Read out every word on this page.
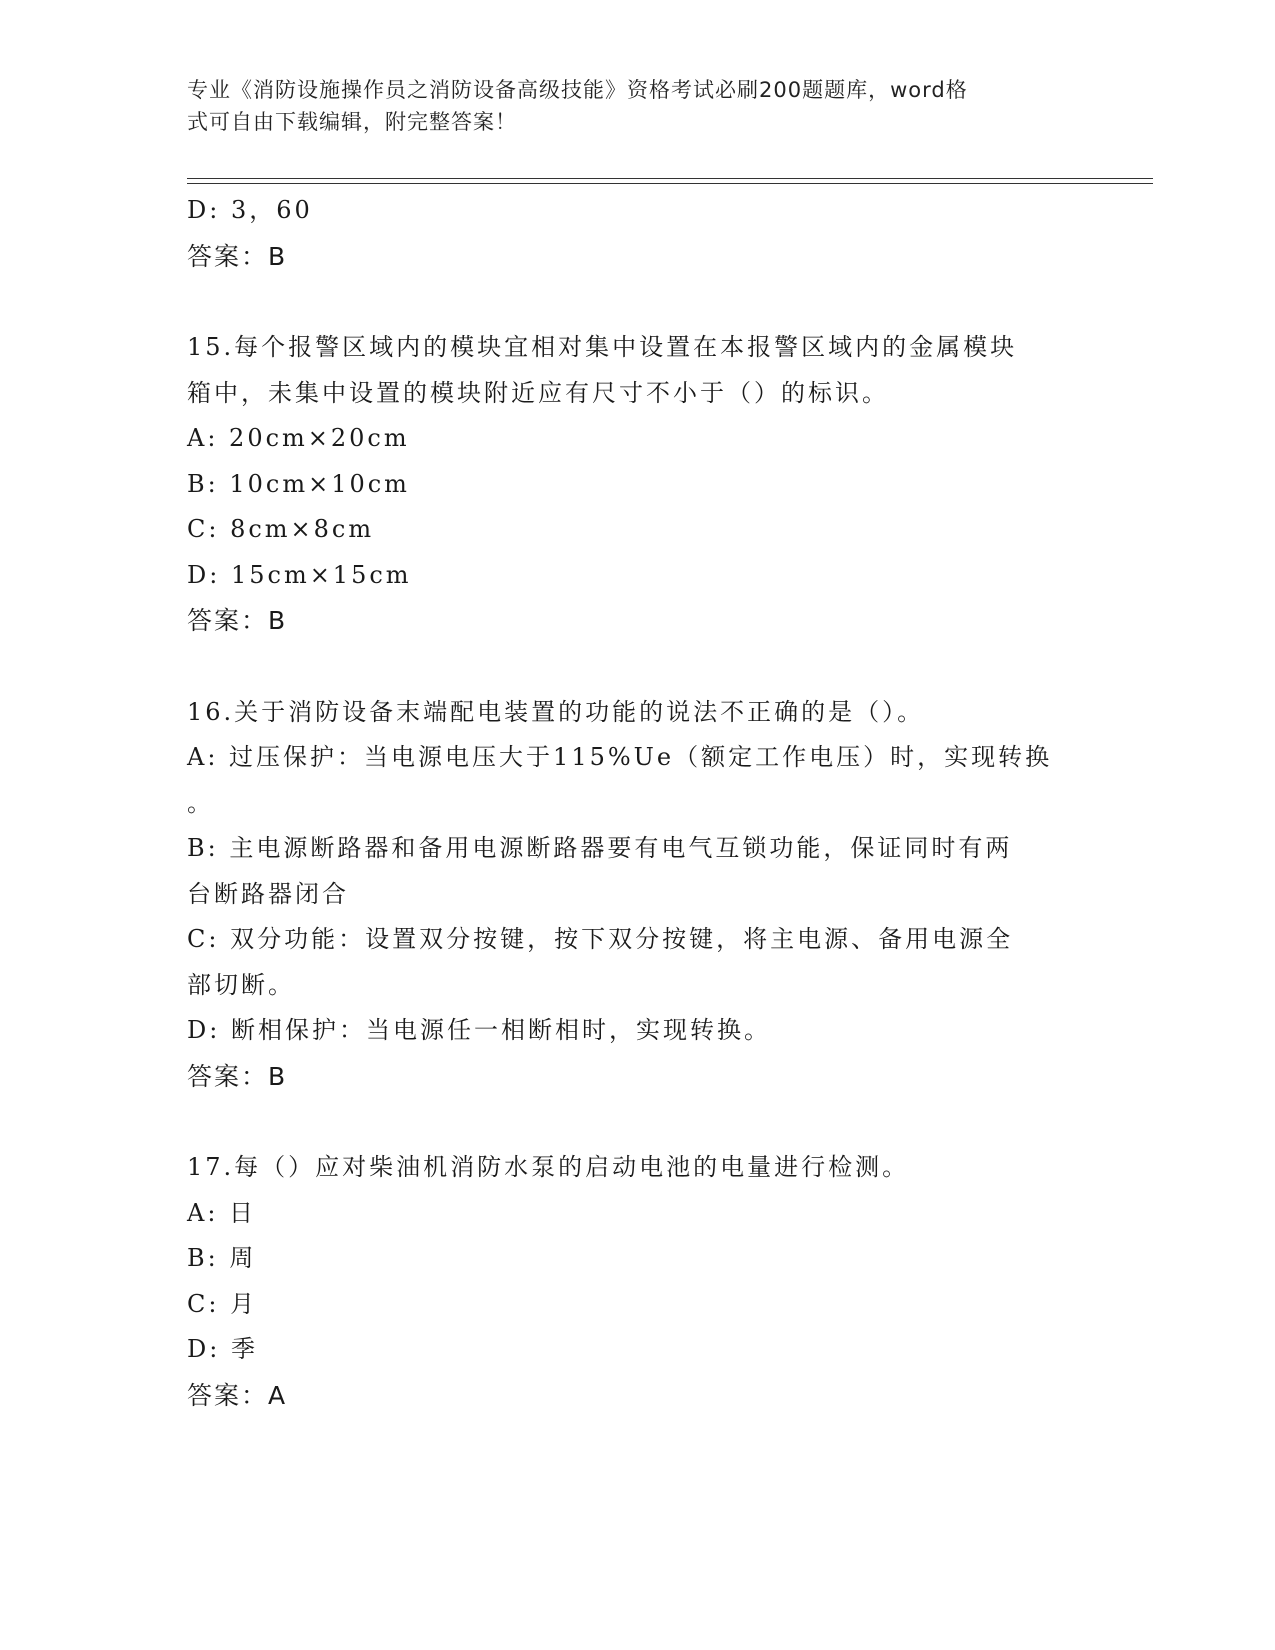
专业《消防设施操作员之消防设备高级技能》资格考试必刷200题题库，word格
式可自由下载编辑，附完整答案！
D: 3，60
答案：B
15.每个报警区域内的模块宜相对集中设置在本报警区域内的金属模块
箱中，未集中设置的模块附近应有尺寸不小于（）的标识。
A: 20cm×20cm
B: 10cm×10cm
C: 8cm×8cm
D: 15cm×15cm
答案：B
16.关于消防设备末端配电装置的功能的说法不正确的是（）。
A: 过压保护：当电源电压大于115%Ue（额定工作电压）时，实现转换
。
B: 主电源断路器和备用电源断路器要有电气互锁功能，保证同时有两
台断路器闭合
C: 双分功能：设置双分按键，按下双分按键，将主电源、备用电源全
部切断。
D: 断相保护：当电源任一相断相时，实现转换。
答案：B
17.每（）应对柴油机消防水泵的启动电池的电量进行检测。
A: 日
B: 周
C: 月
D: 季
答案：A
